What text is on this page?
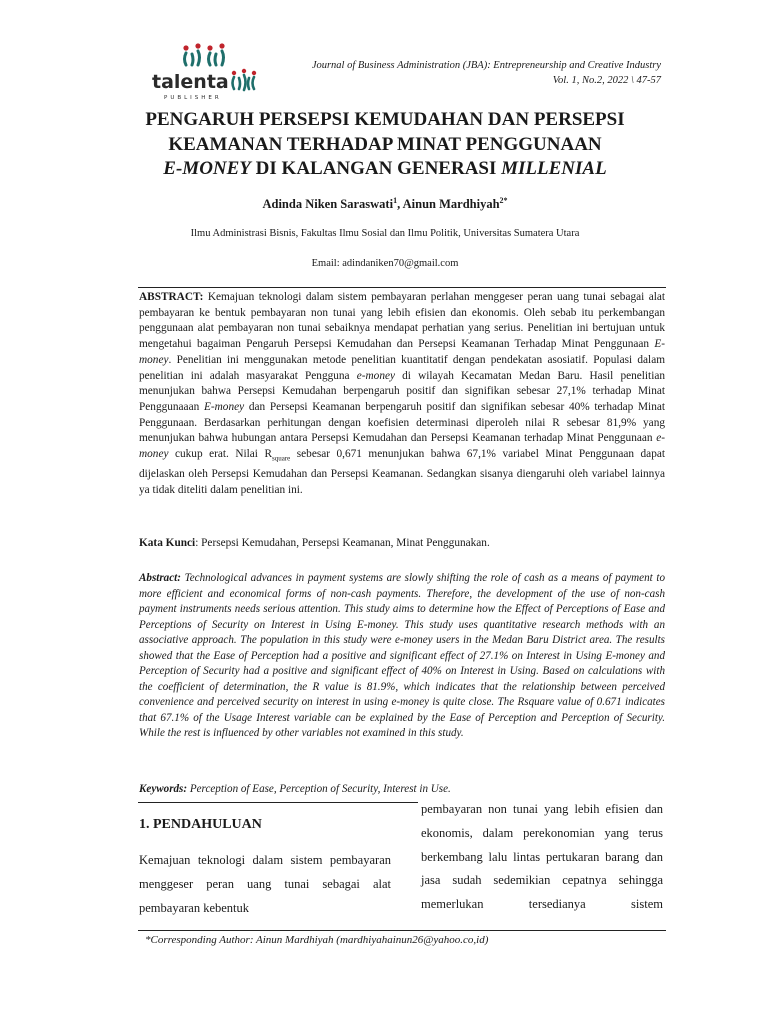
talenta
PUBLISHER
Journal of Business Administration (JBA): Entrepreneurship and Creative Industry
Vol. 1, No.2, 2022 \ 47-57
PENGARUH PERSEPSI KEMUDAHAN DAN PERSEPSI
KEAMANAN TERHADAP MINAT PENGGUNAAN
E-MONEY DI KALANGAN GENERASI MILLENIAL
Adinda Niken Saraswati$^1$, Ainun Mardhiyah$^{2*}$
Ilmu Administrasi Bisnis, Fakultas Ilmu Sosial dan Ilmu Politik, Universitas Sumatera Utara
Email: adindaniken70@gmail.com
ABSTRACT: Kemajuan teknologi dalam sistem pembayaran perlahan menggeser peran uang tunai sebagai alat pembayaran ke bentuk pembayaran non tunai yang lebih efisien dan ekonomis. Oleh sebab itu perkembangan penggunaan alat pembayaran non tunai sebaiknya mendapat perhatian yang serius. Penelitian ini bertujuan untuk mengetahui bagaiman Pengaruh Persepsi Kemudahan dan Persepsi Keamanan Terhadap Minat Penggunaan E-money. Penelitian ini menggunakan metode penelitian kuantitatif dengan pendekatan asosiatif. Populasi dalam penelitian ini adalah masyarakat Pengguna e-money di wilayah Kecamatan Medan Baru. Hasil penelitian menunjukan bahwa Persepsi Kemudahan berpengaruh positif dan signifikan sebesar 27,1% terhadap Minat Penggunaaan E-money dan Persepsi Keamanan berpengaruh positif dan signifikan sebesar 40% terhadap Minat Penggunaan. Berdasarkan perhitungan dengan koefisien determinasi diperoleh nilai R sebesar 81,9% yang menunjukan bahwa hubungan antara Persepsi Kemudahan dan Persepsi Keamanan terhadap Minat Penggunaan e-money cukup erat. Nilai $R_{square}$ sebesar 0,671 menunjukan bahwa 67,1% variabel Minat Penggunaan dapat dijelaskan oleh Persepsi Kemudahan dan Persepsi Keamanan. Sedangkan sisanya diengaruhi oleh variabel lainnya ya tidak diteliti dalam penelitian ini.
Kata Kunci: Persepsi Kemudahan, Persepsi Keamanan, Minat Penggunakan.
Abstract: Technological advances in payment systems are slowly shifting the role of cash as a means of payment to more efficient and economical forms of non-cash payments. Therefore, the development of the use of non-cash payment instruments needs serious attention. This study aims to determine how the Effect of Perceptions of Ease and Perceptions of Security on Interest in Using E-money. This study uses quantitative research methods with an associative approach. The population in this study were e-money users in the Medan Baru District area. The results showed that the Ease of Perception had a positive and significant effect of 27.1% on Interest in Using E-money and Perception of Security had a positive and significant effect of 40% on Interest in Using. Based on calculations with the coefficient of determination, the R value is 81.9%, which indicates that the relationship between perceived convenience and perceived security on interest in using e-money is quite close. The Rsquare value of 0.671 indicates that 67.1% of the Usage Interest variable can be explained by the Ease of Perception and Perception of Security. While the rest is influenced by other variables not examined in this study.
Keywords: Perception of Ease, Perception of Security, Interest in Use.
1. PENDAHULUAN
Kemajuan teknologi dalam sistem pembayaran menggeser peran uang tunai sebagai alat pembayaran kebentuk
pembayaran non tunai yang lebih efisien dan ekonomis, dalam perekonomian yang terus berkembang lalu lintas pertukaran barang dan jasa sudah sedemikian cepatnya sehingga memerlukan tersedianya sistem
*Corresponding Author: Ainun Mardhiyah (mardhiyahainun26@yahoo.co,id)
